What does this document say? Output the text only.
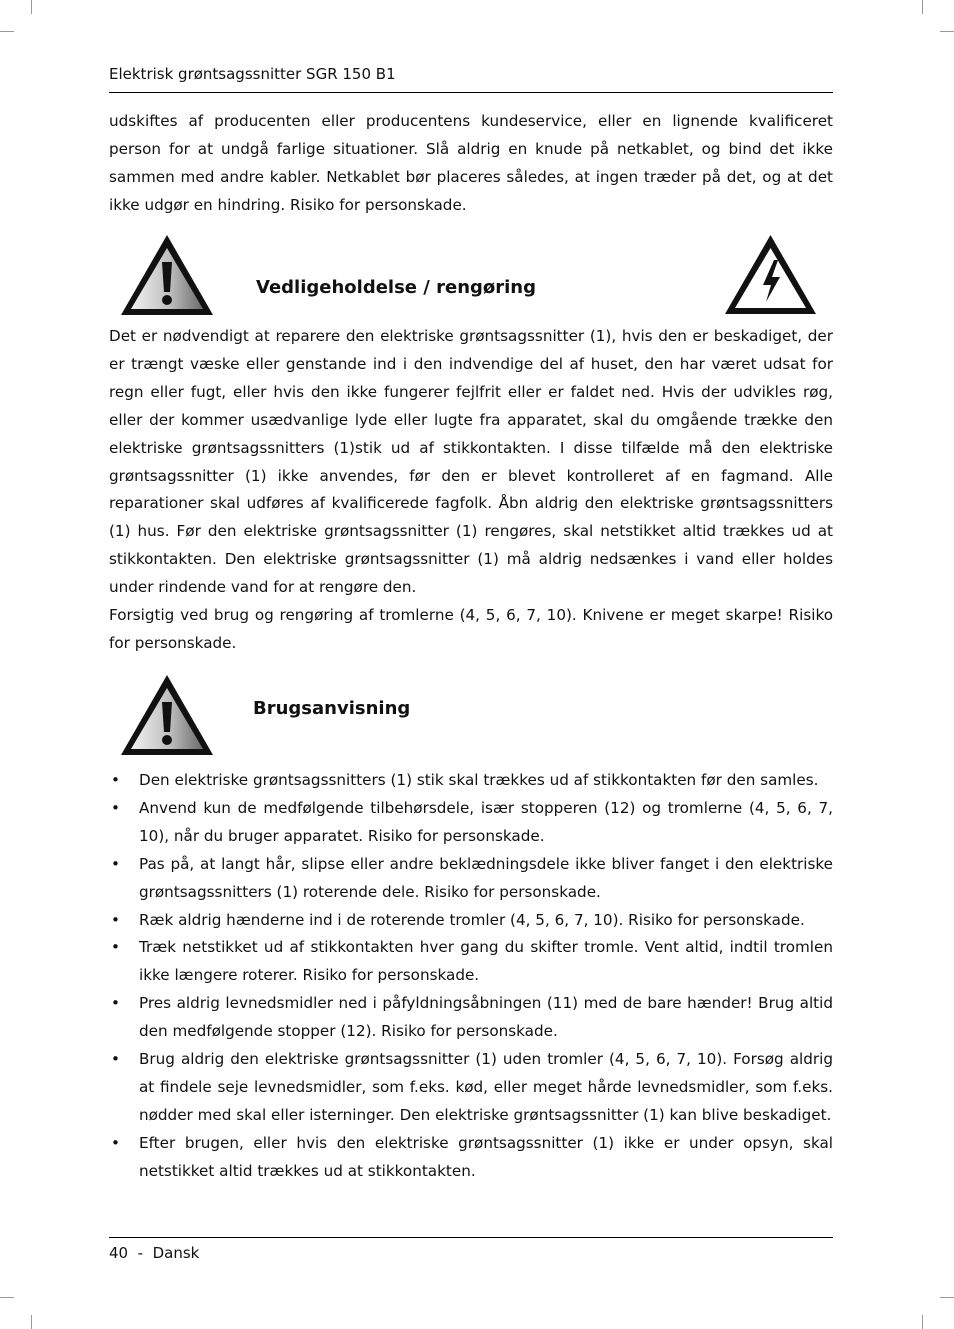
Elektrisk grøntsagssnitter SGR 150 B1

udskiftes af producenten eller producentens kundeservice, eller en lignende kvalificeret person for at undgå farlige situationer. Slå aldrig en knude på netkablet, og bind det ikke sammen med andre kabler. Netkablet bør placeres således, at ingen træder på det, og at det ikke udgør en hindring. Risiko for personskade.

Vedligeholdelse / rengøring

Det er nødvendigt at reparere den elektriske grøntsagssnitter (1), hvis den er beskadiget, der er trængt væske eller genstande ind i den indvendige del af huset, den har været udsat for regn eller fugt, eller hvis den ikke fungerer fejlfrit eller er faldet ned. Hvis der udvikles røg, eller der kommer usædvanlige lyde eller lugte fra apparatet, skal du omgående trække den elektriske grøntsagssnitters (1)stik ud af stikkontakten. I disse tilfælde må den elektriske grøntsagssnitter (1) ikke anvendes, før den er blevet kontrolleret af en fagmand. Alle reparationer skal udføres af kvalificerede fagfolk. Åbn aldrig den elektriske grøntsagssnitters (1) hus. Før den elektriske grøntsagssnitter (1) rengøres, skal netstikket altid trækkes ud at stikkontakten. Den elektriske grøntsagssnitter (1) må aldrig nedsænkes i vand eller holdes under rindende vand for at rengøre den.

Forsigtig ved brug og rengøring af tromlerne (4, 5, 6, 7, 10). Knivene er meget skarpe! Risiko for personskade.

Brugsanvisning
• Den elektriske grøntsagssnitters (1) stik skal trækkes ud af stikkontakten før den samles.
• Anvend kun de medfølgende tilbehørsdele, især stopperen (12) og tromlerne (4, 5, 6, 7, 10), når du bruger apparatet. Risiko for personskade.
• Pas på, at langt hår, slipse eller andre beklædningsdele ikke bliver fanget i den elektriske grøntsagssnitters (1) roterende dele. Risiko for personskade.
• Ræk aldrig hænderne ind i de roterende tromler (4, 5, 6, 7, 10). Risiko for personskade.
• Træk netstikket ud af stikkontakten hver gang du skifter tromle. Vent altid, indtil tromlen ikke længere roterer. Risiko for personskade.
• Pres aldrig levnedsmidler ned i påfyldningsåbningen (11) med de bare hænder! Brug altid den medfølgende stopper (12). Risiko for personskade.
• Brug aldrig den elektriske grøntsagssnitter (1) uden tromler (4, 5, 6, 7, 10). Forsøg aldrig at findele seje levnedsmidler, som f.eks. kød, eller meget hårde levnedsmidler, som f.eks. nødder med skal eller isterninger. Den elektriske grøntsagssnitter (1) kan blive beskadiget.
• Efter brugen, eller hvis den elektriske grøntsagssnitter (1) ikke er under opsyn, skal netstikket altid trækkes ud at stikkontakten.
40  -  Dansk
